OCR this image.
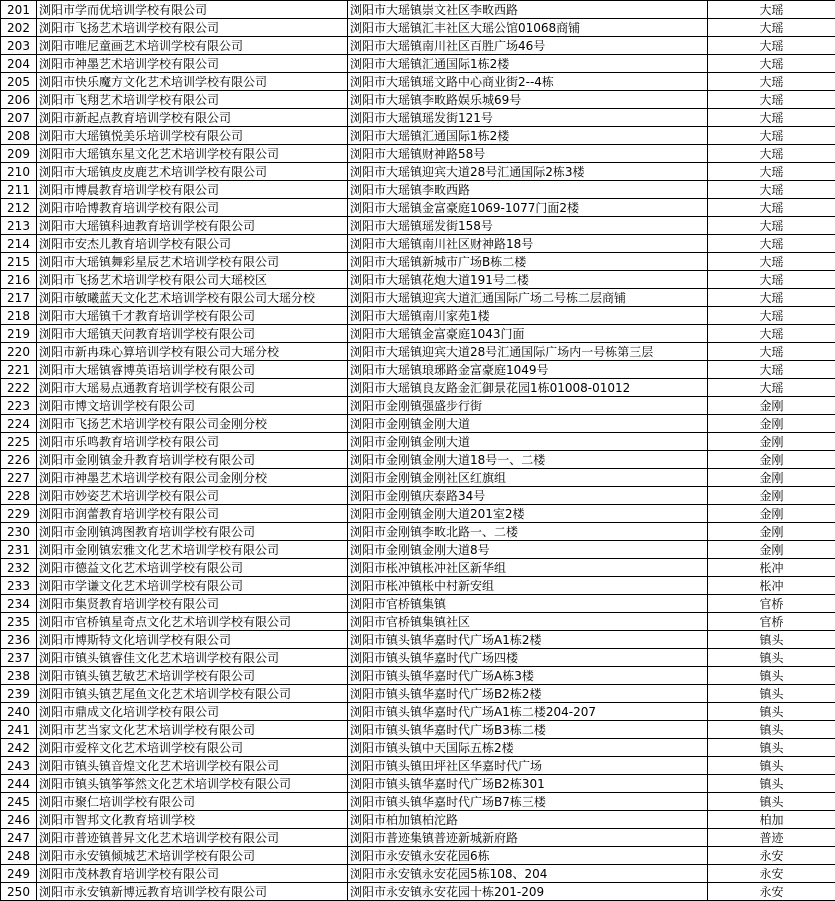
201	浏阳市学而优培训学校有限公司	浏阳市大瑶镇崇文社区李畋西路	大瑶
202	浏阳市飞扬艺术培训学校有限公司	浏阳市大瑶镇汇丰社区大瑶公馆01068商铺	大瑶
203	浏阳市唯尼童画艺术培训学校有限公司	浏阳市大瑶镇南川社区百胜广场46号	大瑶
204	浏阳市神墨艺术培训学校有限公司	浏阳市大瑶镇汇通国际1栋2楼	大瑶
205	浏阳市快乐魔方文化艺术培训学校有限公司	浏阳市大瑶镇瑶文路中心商业街2--4栋	大瑶
206	浏阳市飞翔艺术培训学校有限公司	浏阳市大瑶镇李畋路娱乐城69号	大瑶
207	浏阳市新起点教育培训学校有限公司	浏阳市大瑶镇瑶发街121号	大瑶
208	浏阳市大瑶镇悦美乐培训学校有限公司	浏阳市大瑶镇汇通国际1栋2楼	大瑶
209	浏阳市大瑶镇东星文化艺术培训学校有限公司	浏阳市大瑶镇财神路58号	大瑶
210	浏阳市大瑶镇皮皮鹿艺术培训学校有限公司	浏阳市大瑶镇迎宾大道28号汇通国际2栋3楼	大瑶
211	浏阳市博晨教育培训学校有限公司	浏阳市大瑶镇李畋西路	大瑶
212	浏阳市哈博教育培训学校有限公司	浏阳市大瑶镇金富豪庭1069-1077门面2楼	大瑶
213	浏阳市大瑶镇科迪教育培训学校有限公司	浏阳市大瑶镇瑶发街158号	大瑶
214	浏阳市安杰儿教育培训学校有限公司	浏阳市大瑶镇南川社区财神路18号	大瑶
215	浏阳市大瑶镇舞彩星辰艺术培训学校有限公司	浏阳市大瑶镇新城市广场B栋二楼	大瑶
216	浏阳市飞扬艺术培训学校有限公司大瑶校区	浏阳市大瑶镇花炮大道191号二楼	大瑶
217	浏阳市敏曦蓝天文化艺术培训学校有限公司大瑶分校	浏阳市大瑶镇迎宾大道汇通国际广场二号栋二层商铺	大瑶
218	浏阳市大瑶镇千才教育培训学校有限公司	浏阳市大瑶镇南川家苑1楼	大瑶
219	浏阳市大瑶镇天问教育培训学校有限公司	浏阳市大瑶镇金富豪庭1043门面	大瑶
220	浏阳市新冉珠心算培训学校有限公司大瑶分校	浏阳市大瑶镇迎宾大道28号汇通国际广场内一号栋第三层	大瑶
221	浏阳市大瑶镇睿博英语培训学校有限公司	浏阳市大瑶镇琅琊路金富豪庭1049号	大瑶
222	浏阳市大瑶易点通教育培训学校有限公司	浏阳市大瑶镇良友路金汇御景花园1栋01008-01012	大瑶
223	浏阳市博文培训学校有限公司	浏阳市金刚镇强盛步行街	金刚
224	浏阳市飞扬艺术培训学校有限公司金刚分校	浏阳市金刚镇金刚大道	金刚
225	浏阳市乐鸣教育培训学校有限公司	浏阳市金刚镇金刚大道	金刚
226	浏阳市金刚镇金升教育培训学校有限公司	浏阳市金刚镇金刚大道18号一、二楼	金刚
227	浏阳市神墨艺术培训学校有限公司金刚分校	浏阳市金刚镇金刚社区红旗组	金刚
228	浏阳市妙姿艺术培训学校有限公司	浏阳市金刚镇庆泰路34号	金刚
229	浏阳市润蕾教育培训学校有限公司	浏阳市金刚镇金刚大道201室2楼	金刚
230	浏阳市金刚镇鸿图教育培训学校有限公司	浏阳市金刚镇李畋北路一、二楼	金刚
231	浏阳市金刚镇宏雅文化艺术培训学校有限公司	浏阳市金刚镇金刚大道8号	金刚
232	浏阳市德益文化艺术培训学校有限公司	浏阳市枨冲镇枨冲社区新华组	枨冲
233	浏阳市学谦文化艺术培训学校有限公司	浏阳市枨冲镇枨中村新安组	枨冲
234	浏阳市集贤教育培训学校有限公司	浏阳市官桥镇集镇	官桥
235	浏阳市官桥镇星奇点文化艺术培训学校有限公司	浏阳市官桥镇集镇社区	官桥
236	浏阳市博斯特文化培训学校有限公司	浏阳市镇头镇华嘉时代广场A1栋2楼	镇头
237	浏阳市镇头镇睿佳文化艺术培训学校有限公司	浏阳市镇头镇华嘉时代广场四楼	镇头
238	浏阳市镇头镇艺敏艺术培训学校有限公司	浏阳市镇头镇华嘉时代广场A栋3楼	镇头
239	浏阳市镇头镇艺尾鱼文化艺术培训学校有限公司	浏阳市镇头镇华嘉时代广场B2栋2楼	镇头
240	浏阳市鼎成文化培训学校有限公司	浏阳市镇头镇华嘉时代广场A1栋二楼204-207	镇头
241	浏阳市艺当家文化艺术培训学校有限公司	浏阳市镇头镇华嘉时代广场B3栋二楼	镇头
242	浏阳市爱梓文化艺术培训学校有限公司	浏阳市镇头镇中天国际五栋2楼	镇头
243	浏阳市镇头镇音煌文化艺术培训学校有限公司	浏阳市镇头镇田坪社区华嘉时代广场	镇头
244	浏阳市镇头镇筝筝然文化艺术培训学校有限公司	浏阳市镇头镇华嘉时代广场B2栋301	镇头
245	浏阳市聚仁培训学校有限公司	浏阳市镇头镇华嘉时代广场B7栋三楼	镇头
246	浏阳市智邦文化教育培训学校	浏阳市柏加镇柏沱路	柏加
247	浏阳市普迹镇普昇文化艺术培训学校有限公司	浏阳市普迹集镇普迹新城新府路	普迹
248	浏阳市永安镇倾城艺术培训学校有限公司	浏阳市永安镇永安花园6栋	永安
249	浏阳市茂林教育培训学校有限公司	浏阳市永安镇永安花园5栋108、204	永安
250	浏阳市永安镇新博远教育培训学校有限公司	浏阳市永安镇永安花园十栋201-209	永安
